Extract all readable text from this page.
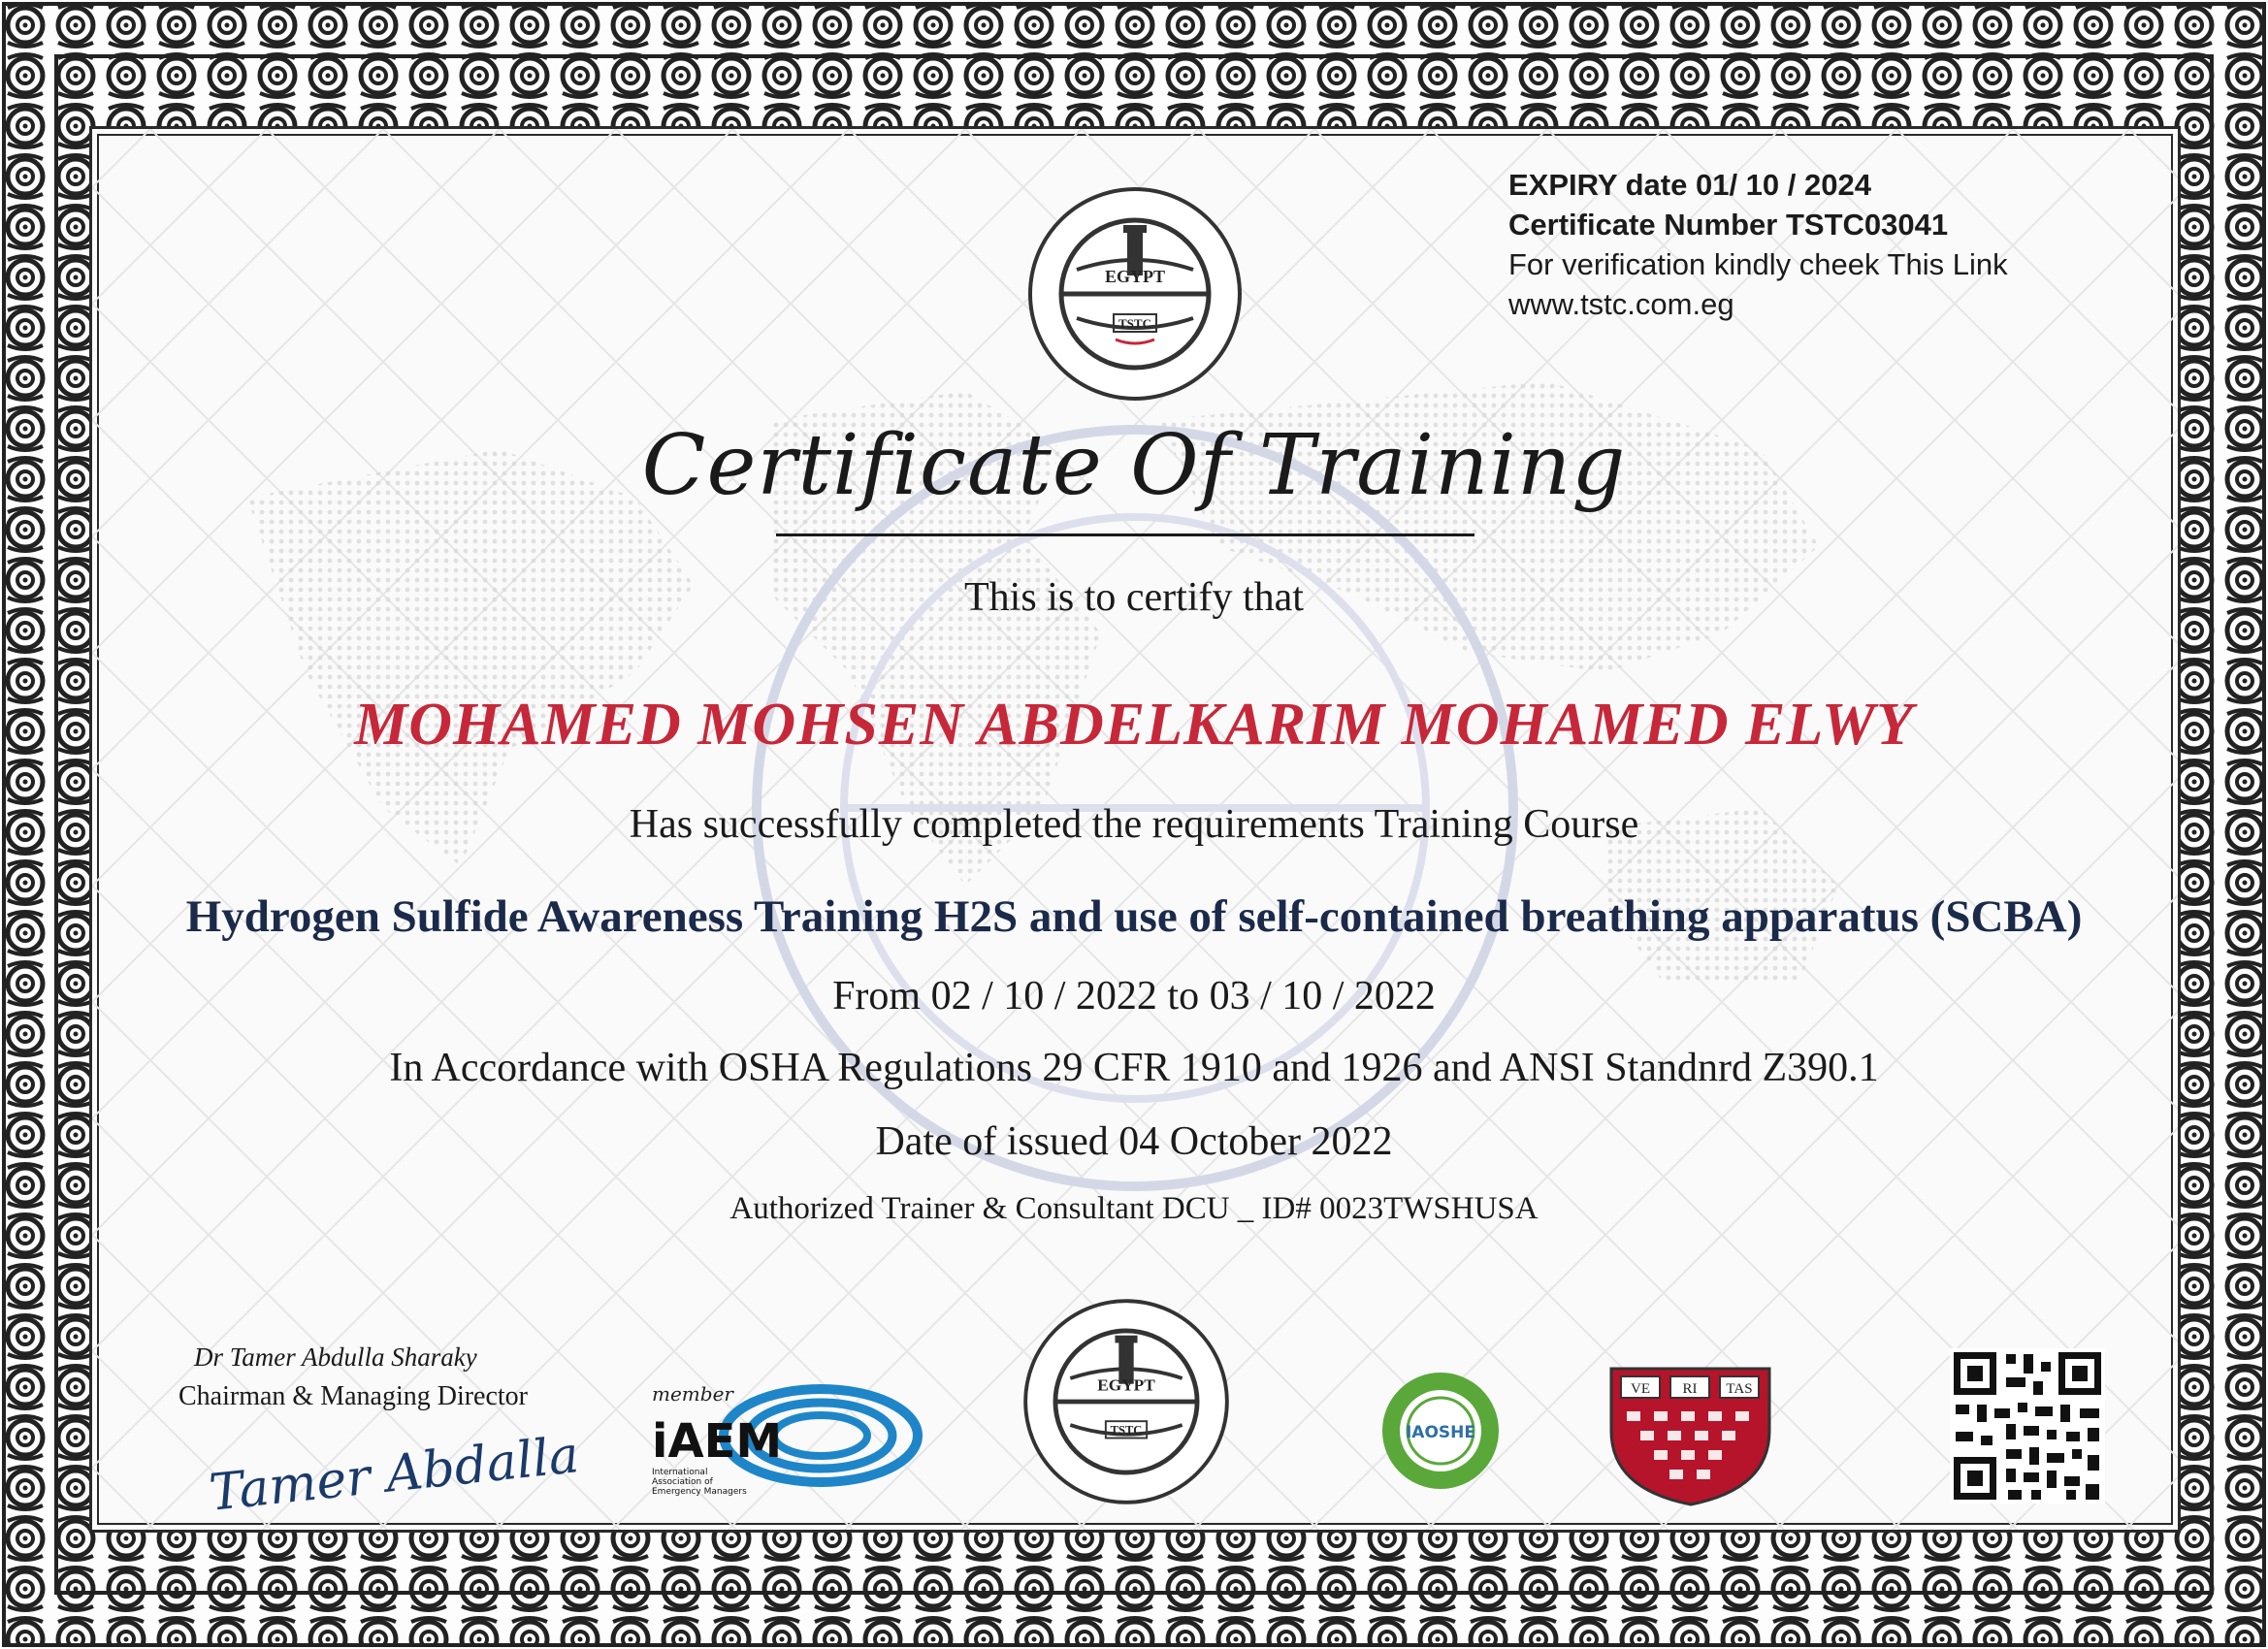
EGYPT
TSTC
EXPIRY date 01/ 10 / 2024
Certificate Number TSTC03041
For verification kindly cheek This Link
www.tstc.com.eg
Certificate Of Training
This is to certify that
MOHAMED MOHSEN ABDELKARIM MOHAMED ELWY
Has successfully completed the requirements Training Course
Hydrogen Sulfide Awareness Training H2S and use of self-contained breathing apparatus (SCBA)
From 02 / 10 / 2022 to 03 / 10 / 2022
In Accordance with OSHA Regulations 29 CFR 1910 and 1926 and ANSI Standnrd Z390.1
Date of issued 04 October 2022
Authorized Trainer & Consultant DCU _ ID# 0023TWSHUSA
Dr Tamer Abdulla Sharaky
Chairman & Managing Director
Tamer Abdalla
member
iAEM
International
Association of
Emergency Managers
EGYPT
TSTC	IAOSHE
VE RI TAS
